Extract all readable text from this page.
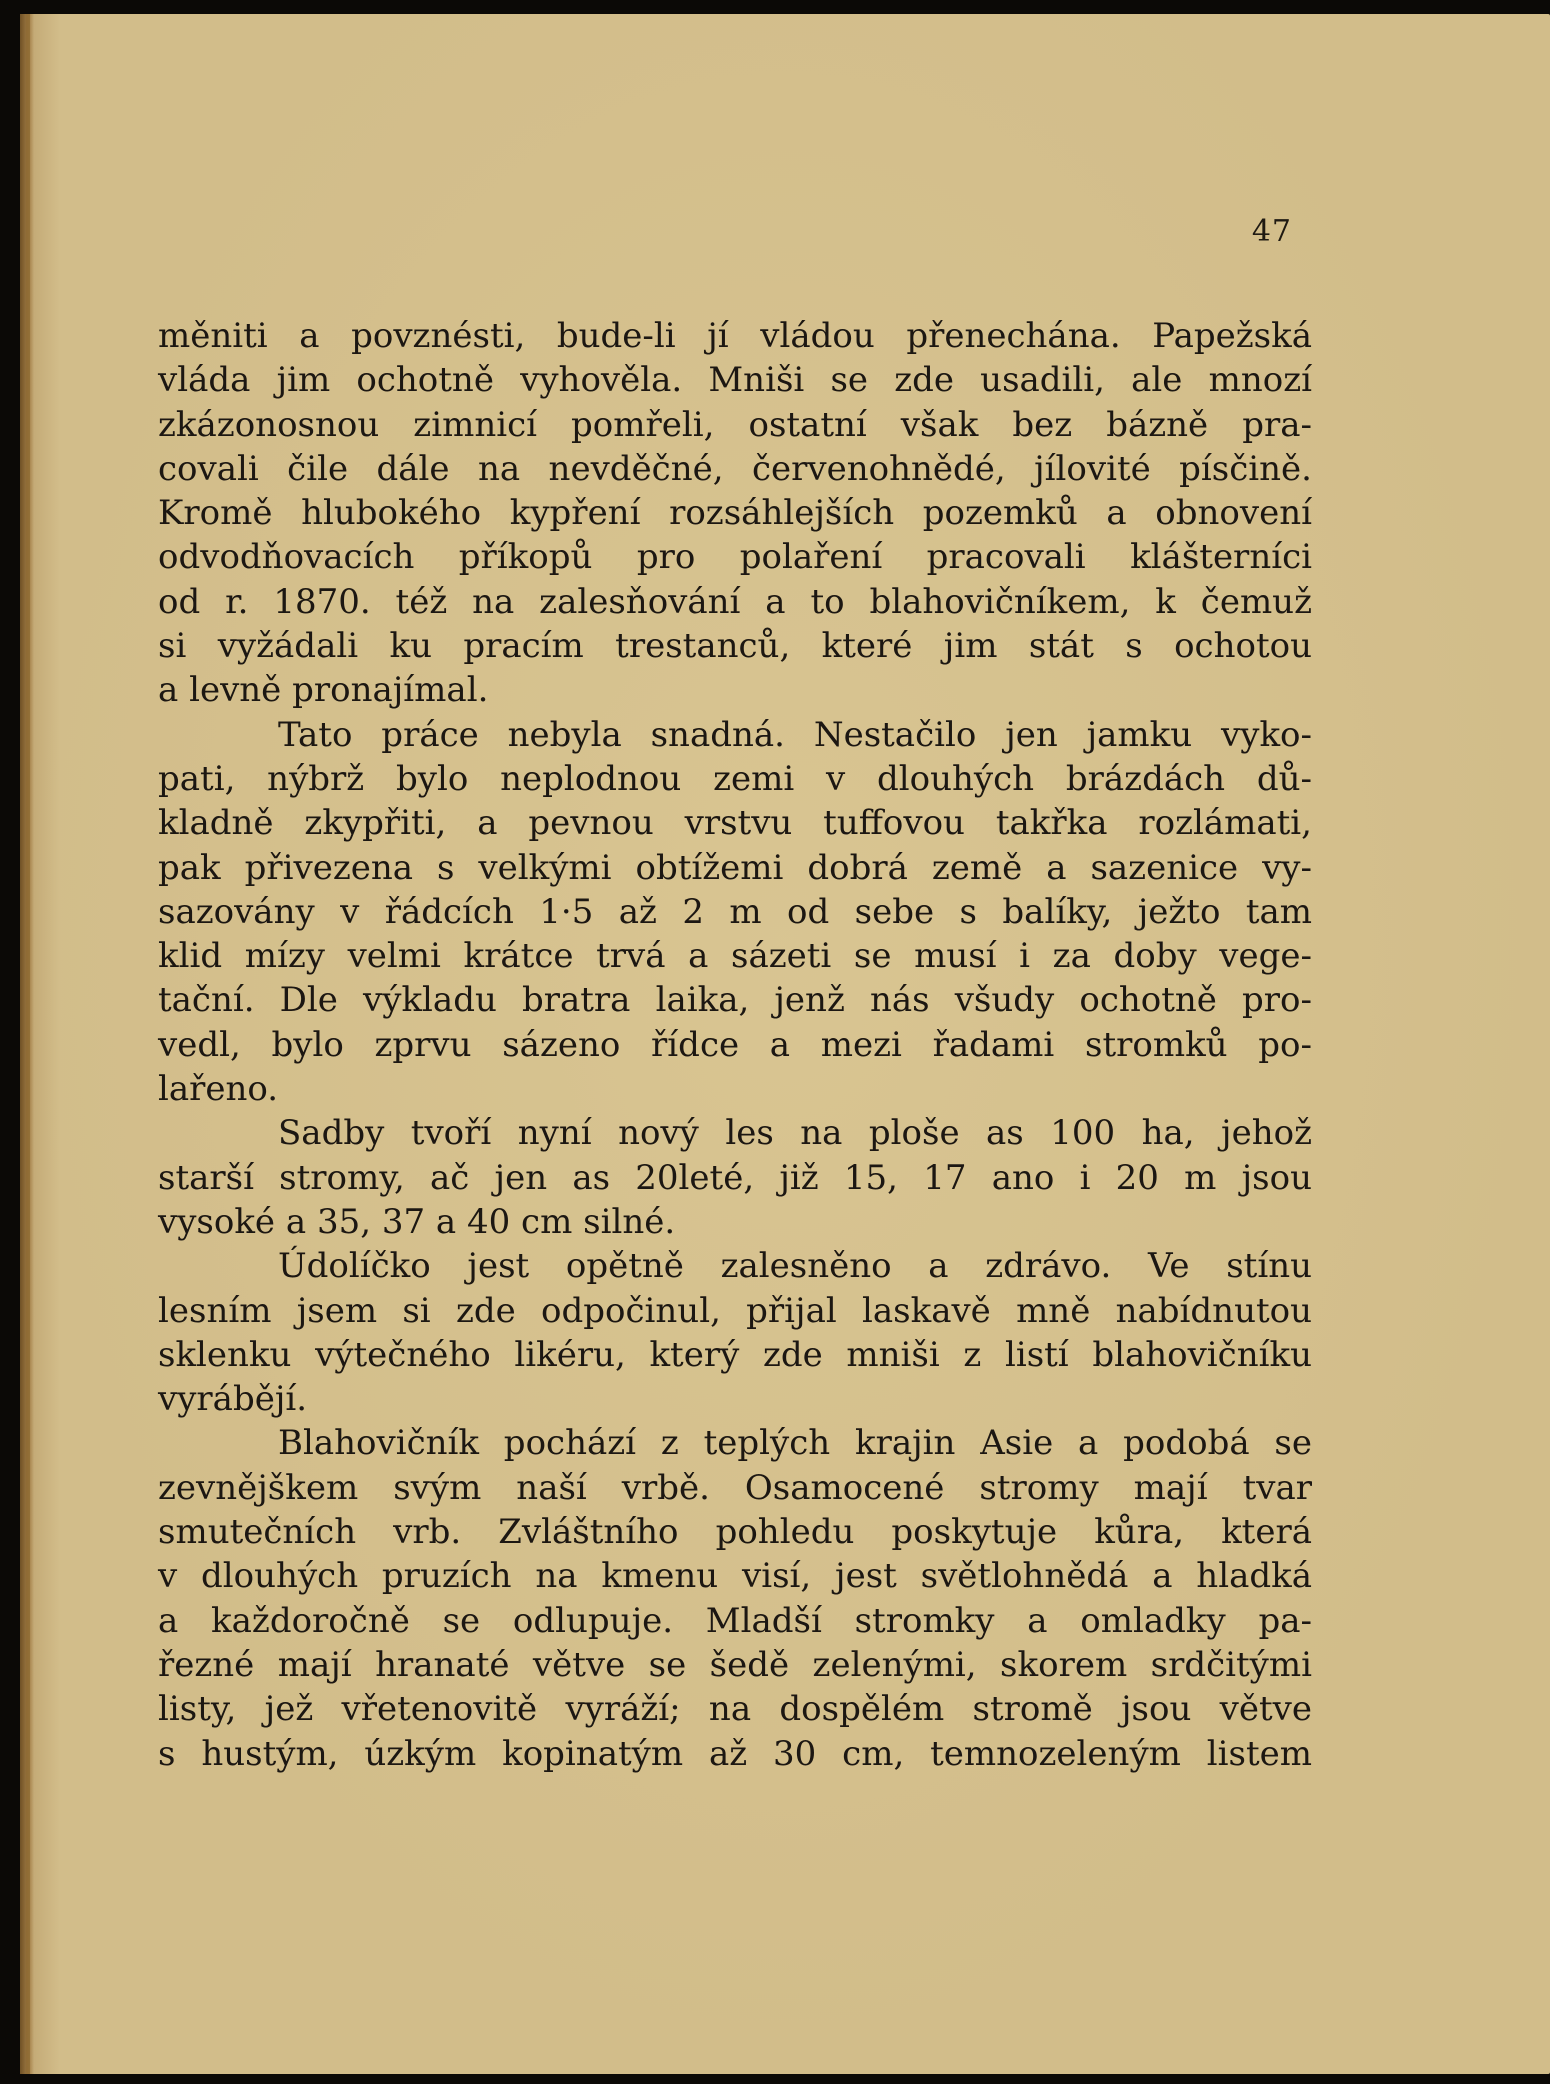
47
měniti a povznésti, bude-li jí vládou přenechána. Papežská
vláda jim ochotně vyhověla. Mniši se zde usadili, ale mnozí
zkázonosnou zimnicí pomřeli, ostatní však bez bázně pra-
covali čile dále na nevděčné, červenohnědé, jílovité písčině.
Kromě hlubokého kypření rozsáhlejších pozemků a obnovení
odvodňovacích příkopů pro polaření pracovali klášterníci
od r. 1870. též na zalesňování a to blahovičníkem, k čemuž
si vyžádali ku pracím trestanců, které jim stát s ochotou
a levně pronajímal.
Tato práce nebyla snadná. Nestačilo jen jamku vyko-
pati, nýbrž bylo neplodnou zemi v dlouhých brázdách dů-
kladně zkypřiti, a pevnou vrstvu tuffovou takřka rozlámati,
pak přivezena s velkými obtížemi dobrá země a sazenice vy-
sazovány v řádcích 1·5 až 2 m od sebe s balíky, ježto tam
klid mízy velmi krátce trvá a sázeti se musí i za doby vege-
tační. Dle výkladu bratra laika, jenž nás všudy ochotně pro-
vedl, bylo zprvu sázeno řídce a mezi řadami stromků po-
lařeno.
Sadby tvoří nyní nový les na ploše as 100 ha, jehož
starší stromy, ač jen as 20leté, již 15, 17 ano i 20 m jsou
vysoké a 35, 37 a 40 cm silné.
Údolíčko jest opětně zalesněno a zdrávo. Ve stínu
lesním jsem si zde odpočinul, přijal laskavě mně nabídnutou
sklenku výtečného likéru, který zde mniši z listí blahovičníku
vyrábějí.
Blahovičník pochází z teplých krajin Asie a podobá se
zevnějškem svým naší vrbě. Osamocené stromy mají tvar
smutečních vrb. Zvláštního pohledu poskytuje kůra, která
v dlouhých pruzích na kmenu visí, jest světlohnědá a hladká
a každoročně se odlupuje. Mladší stromky a omladky pa-
řezné mají hranaté větve se šedě zelenými, skorem srdčitými
listy, jež vřetenovitě vyráží; na dospělém stromě jsou větve
s hustým, úzkým kopinatým až 30 cm, temnozeleným listem
